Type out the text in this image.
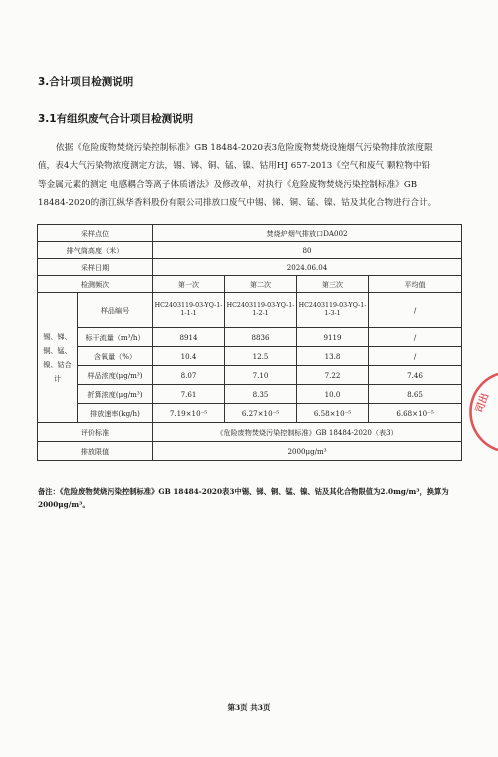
3.合计项目检测说明
3.1有组织废气合计项目检测说明

依据《危险废物焚烧污染控制标准》GB 18484-2020表3危险废物焚烧设施烟气污染物排放浓度限
值，表4大气污染物浓度测定方法，锡、锑、铜、锰、镍、钴用HJ 657-2013《空气和废气 颗粒物中铅
等金属元素的测定 电感耦合等离子体质谱法》及修改单，对执行《危险废物焚烧污染控制标准》GB
18484-2020的浙江纵华香料股份有限公司排放口废气中锡、锑、铜、锰、镍、钴及其化合物进行合计。

采样点位		焚烧炉烟气排放口DA002			
排气筒高度（米）		80			
采样日期		2024.06.04			
检测频次		第一次	第二次	第三次	平均值
锡、锑、铜、锰、镍、钴合计	样品编号	HC2403119-03-YQ-1-1-1-1	HC2403119-03-YQ-1-1-2-1	HC2403119-03-YQ-1-1-3-1	/
	标干流量（m³/h）	8914	8836	9119	/
	含氧量（%）	10.4	12.5	13.8	/
	样品浓度(μg/m³)	8.07	7.10	7.22	7.46
	折算浓度(μg/m³)	7.61	8.35	10.0	8.65
	排放速率(kg/h)	7.19×10⁻⁵	6.27×10⁻⁵	6.58×10⁻⁵	6.68×10⁻⁵
评价标准		《危险废物焚烧污染控制标准》GB 18484-2020（表3）			
排放限值		2000μg/m³			

备注：《危险废物焚烧污染控制标准》GB 18484-2020表3中锡、锑、铜、锰、镍、钴及其化合物限值为2.0mg/m³，换算为2000μg/m³。

第3页 共3页
司出
